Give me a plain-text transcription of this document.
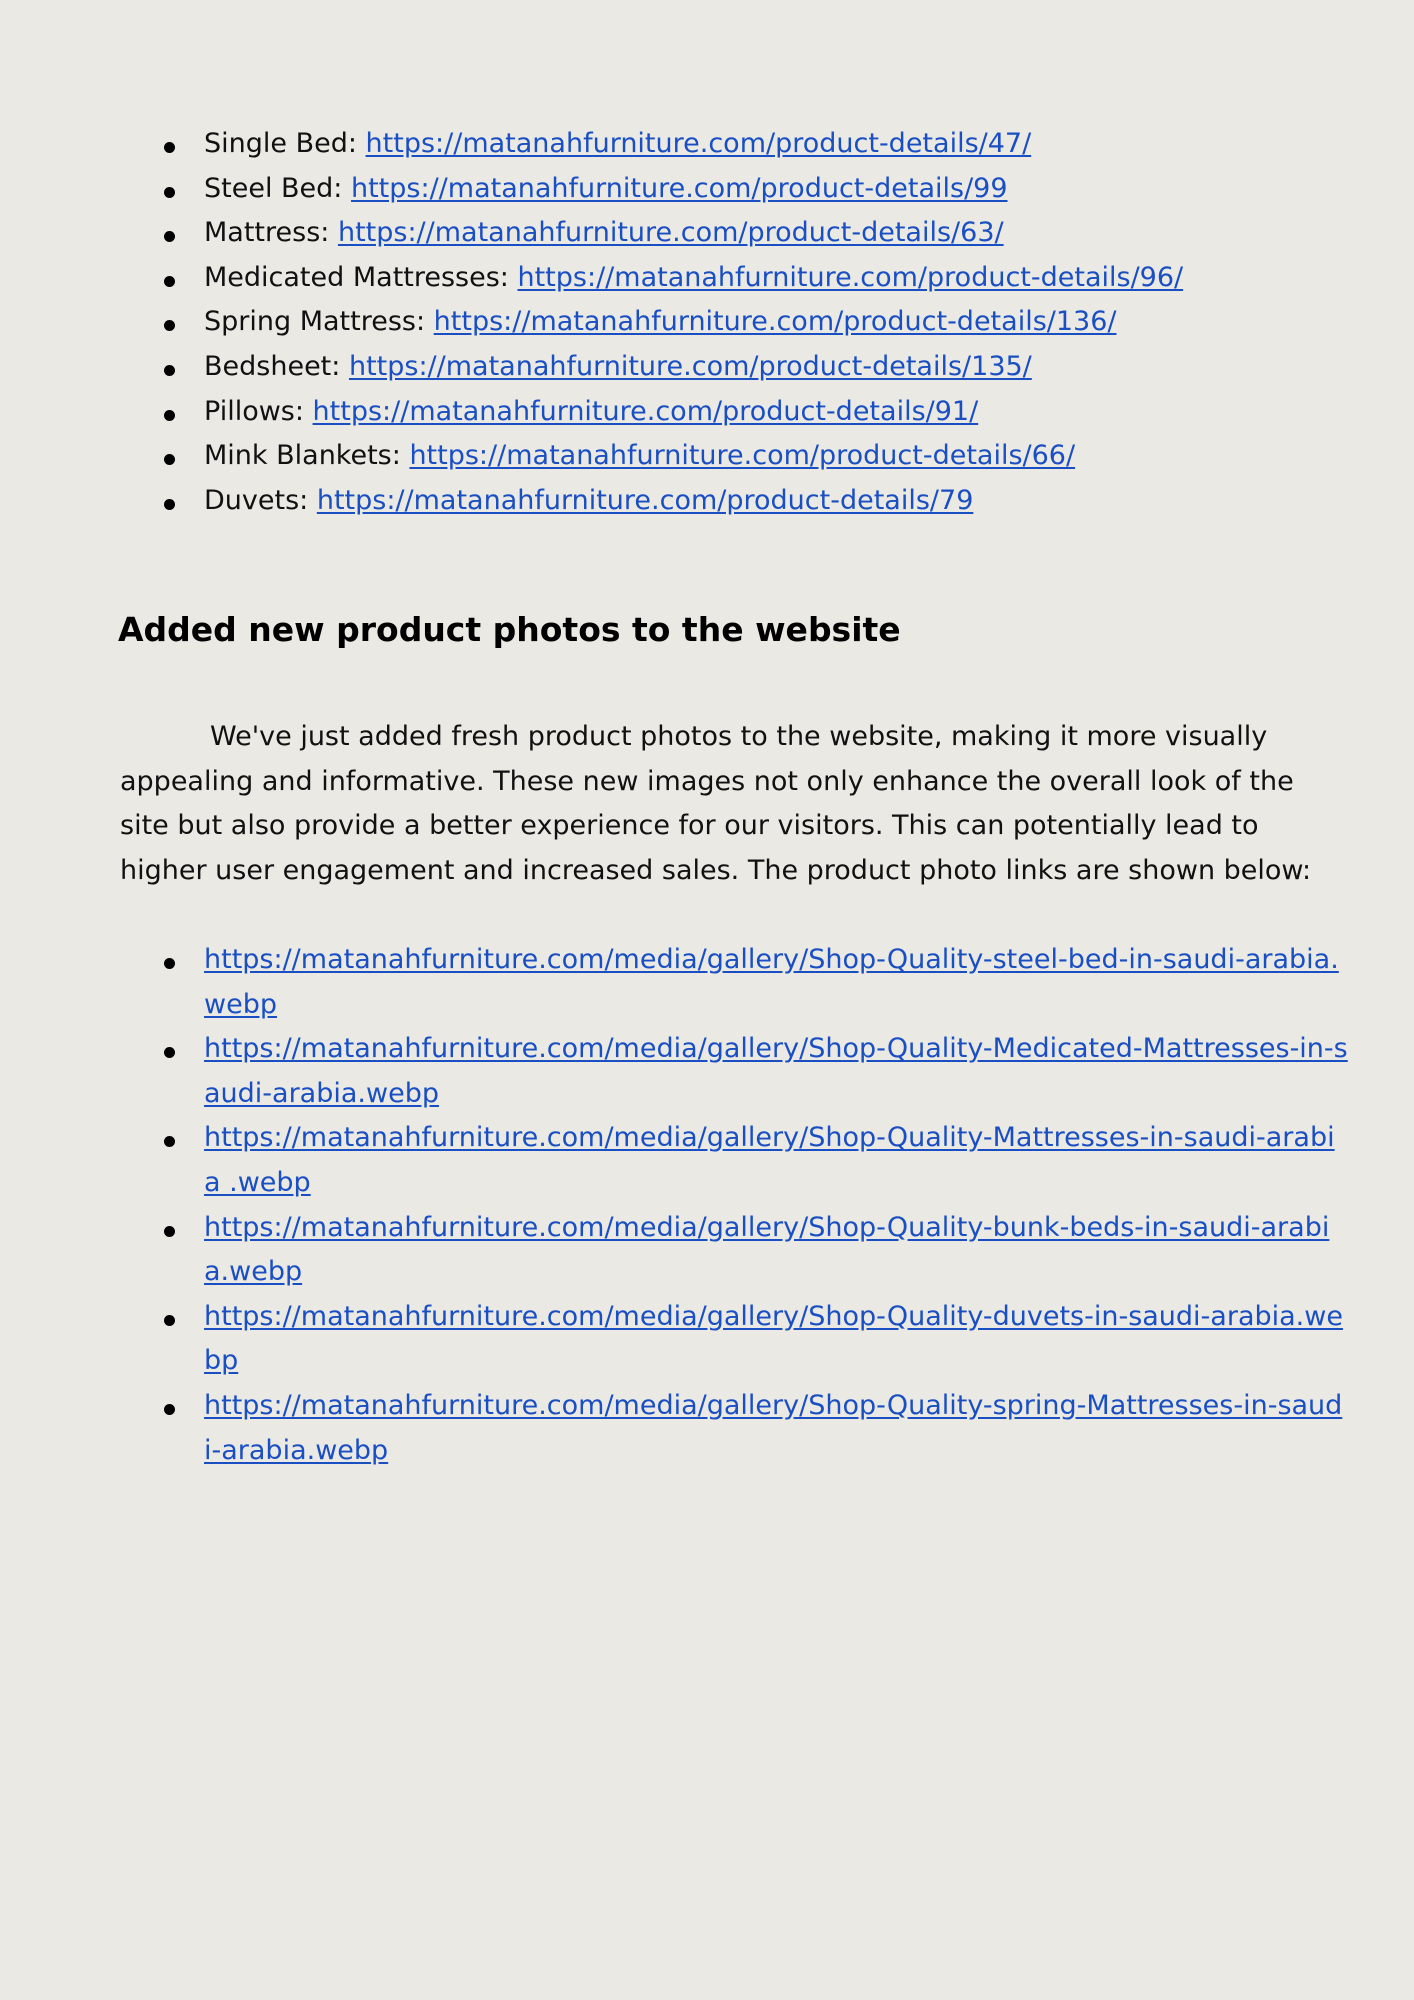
Single Bed: https://matanahfurniture.com/product-details/47/
Steel Bed: https://matanahfurniture.com/product-details/99
Mattress: https://matanahfurniture.com/product-details/63/
Medicated Mattresses: https://matanahfurniture.com/product-details/96/
Spring Mattress: https://matanahfurniture.com/product-details/136/
Bedsheet: https://matanahfurniture.com/product-details/135/
Pillows: https://matanahfurniture.com/product-details/91/
Mink Blankets: https://matanahfurniture.com/product-details/66/
Duvets: https://matanahfurniture.com/product-details/79
Added new product photos to the website

We've just added fresh product photos to the website, making it more visually appealing and informative. These new images not only enhance the overall look of the site but also provide a better experience for our visitors. This can potentially lead to higher user engagement and increased sales. The product photo links are shown below:

https://matanahfurniture.com/media/gallery/Shop-Quality-steel-bed-in-saudi-arabia.webp
https://matanahfurniture.com/media/gallery/Shop-Quality-Medicated-Mattresses-in-saudi-arabia.webp
https://matanahfurniture.com/media/gallery/Shop-Quality-Mattresses-in-saudi-arabia .webp
https://matanahfurniture.com/media/gallery/Shop-Quality-bunk-beds-in-saudi-arabia.webp
https://matanahfurniture.com/media/gallery/Shop-Quality-duvets-in-saudi-arabia.webp
https://matanahfurniture.com/media/gallery/Shop-Quality-spring-Mattresses-in-saudi-arabia.webp
